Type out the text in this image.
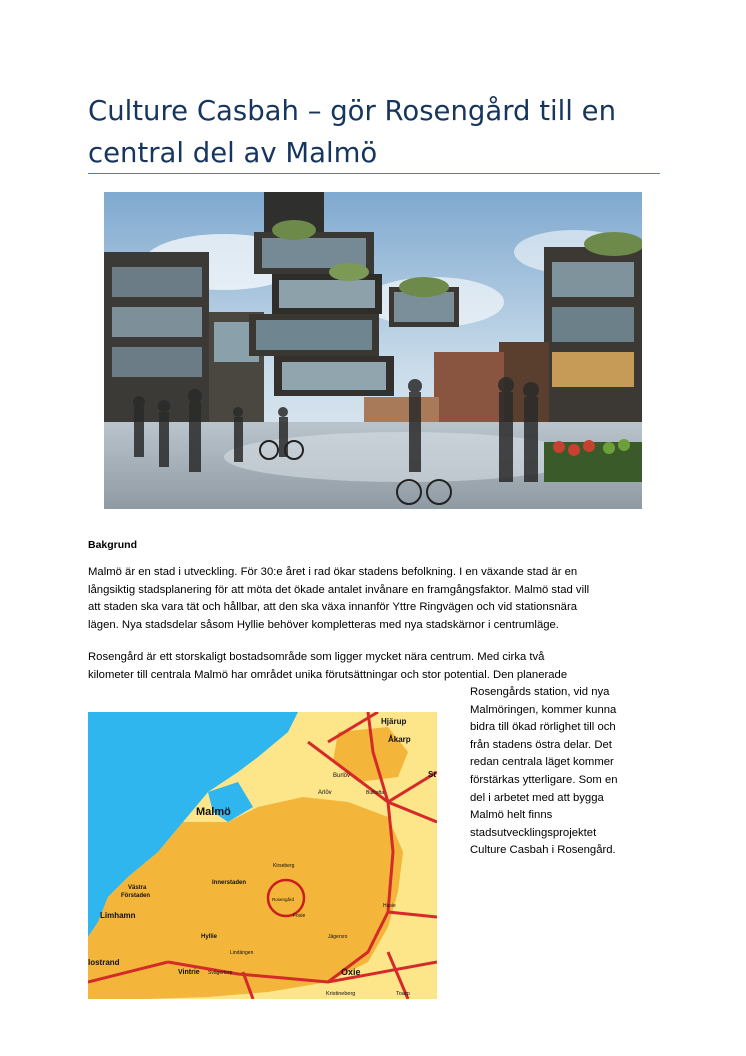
Culture Casbah – gör Rosengård till en
central del av Malmö

Bakgrund

Malmö är en stad i utveckling. För 30:e året i rad ökar stadens befolkning. I en växande stad är en
långsiktig stadsplanering för att möta det ökade antalet invånare en framgångsfaktor. Malmö stad vill
att staden ska vara tät och hållbar, att den ska växa innanför Yttre Ringvägen och vid stationsnära
lägen. Nya stadsdelar såsom Hyllie behöver kompletteras med nya stadskärnor i centrumläge.

Rosengård är ett storskaligt bostadsområde som ligger mycket nära centrum. Med cirka två
kilometer till centrala Malmö har området unika förutsättningar och stor potential. Den planerade

Rosengårds station, vid nya
Malmöringen, kommer kunna
bidra till ökad rörlighet till och
från stadens östra delar. Det
redan centrala läget kommer
förstärkas ytterligare. Som en
del i arbetet med att bygga
Malmö helt finns
stadsutvecklingsprojektet
Culture Casbah i Rosengård.

Malmö
Hjärup
Åkarp
Burlöv
Arlöv	Bulltofta
St
Kirseberg
Rosengård
Innerstaden
Västra
Förstaden
Limhamn
Hyllie	Jägersro
Fosie
Husie
Lindängen
lostrand
Vintrie Svågertorp	Oxie
Kristineberg	Toarp
